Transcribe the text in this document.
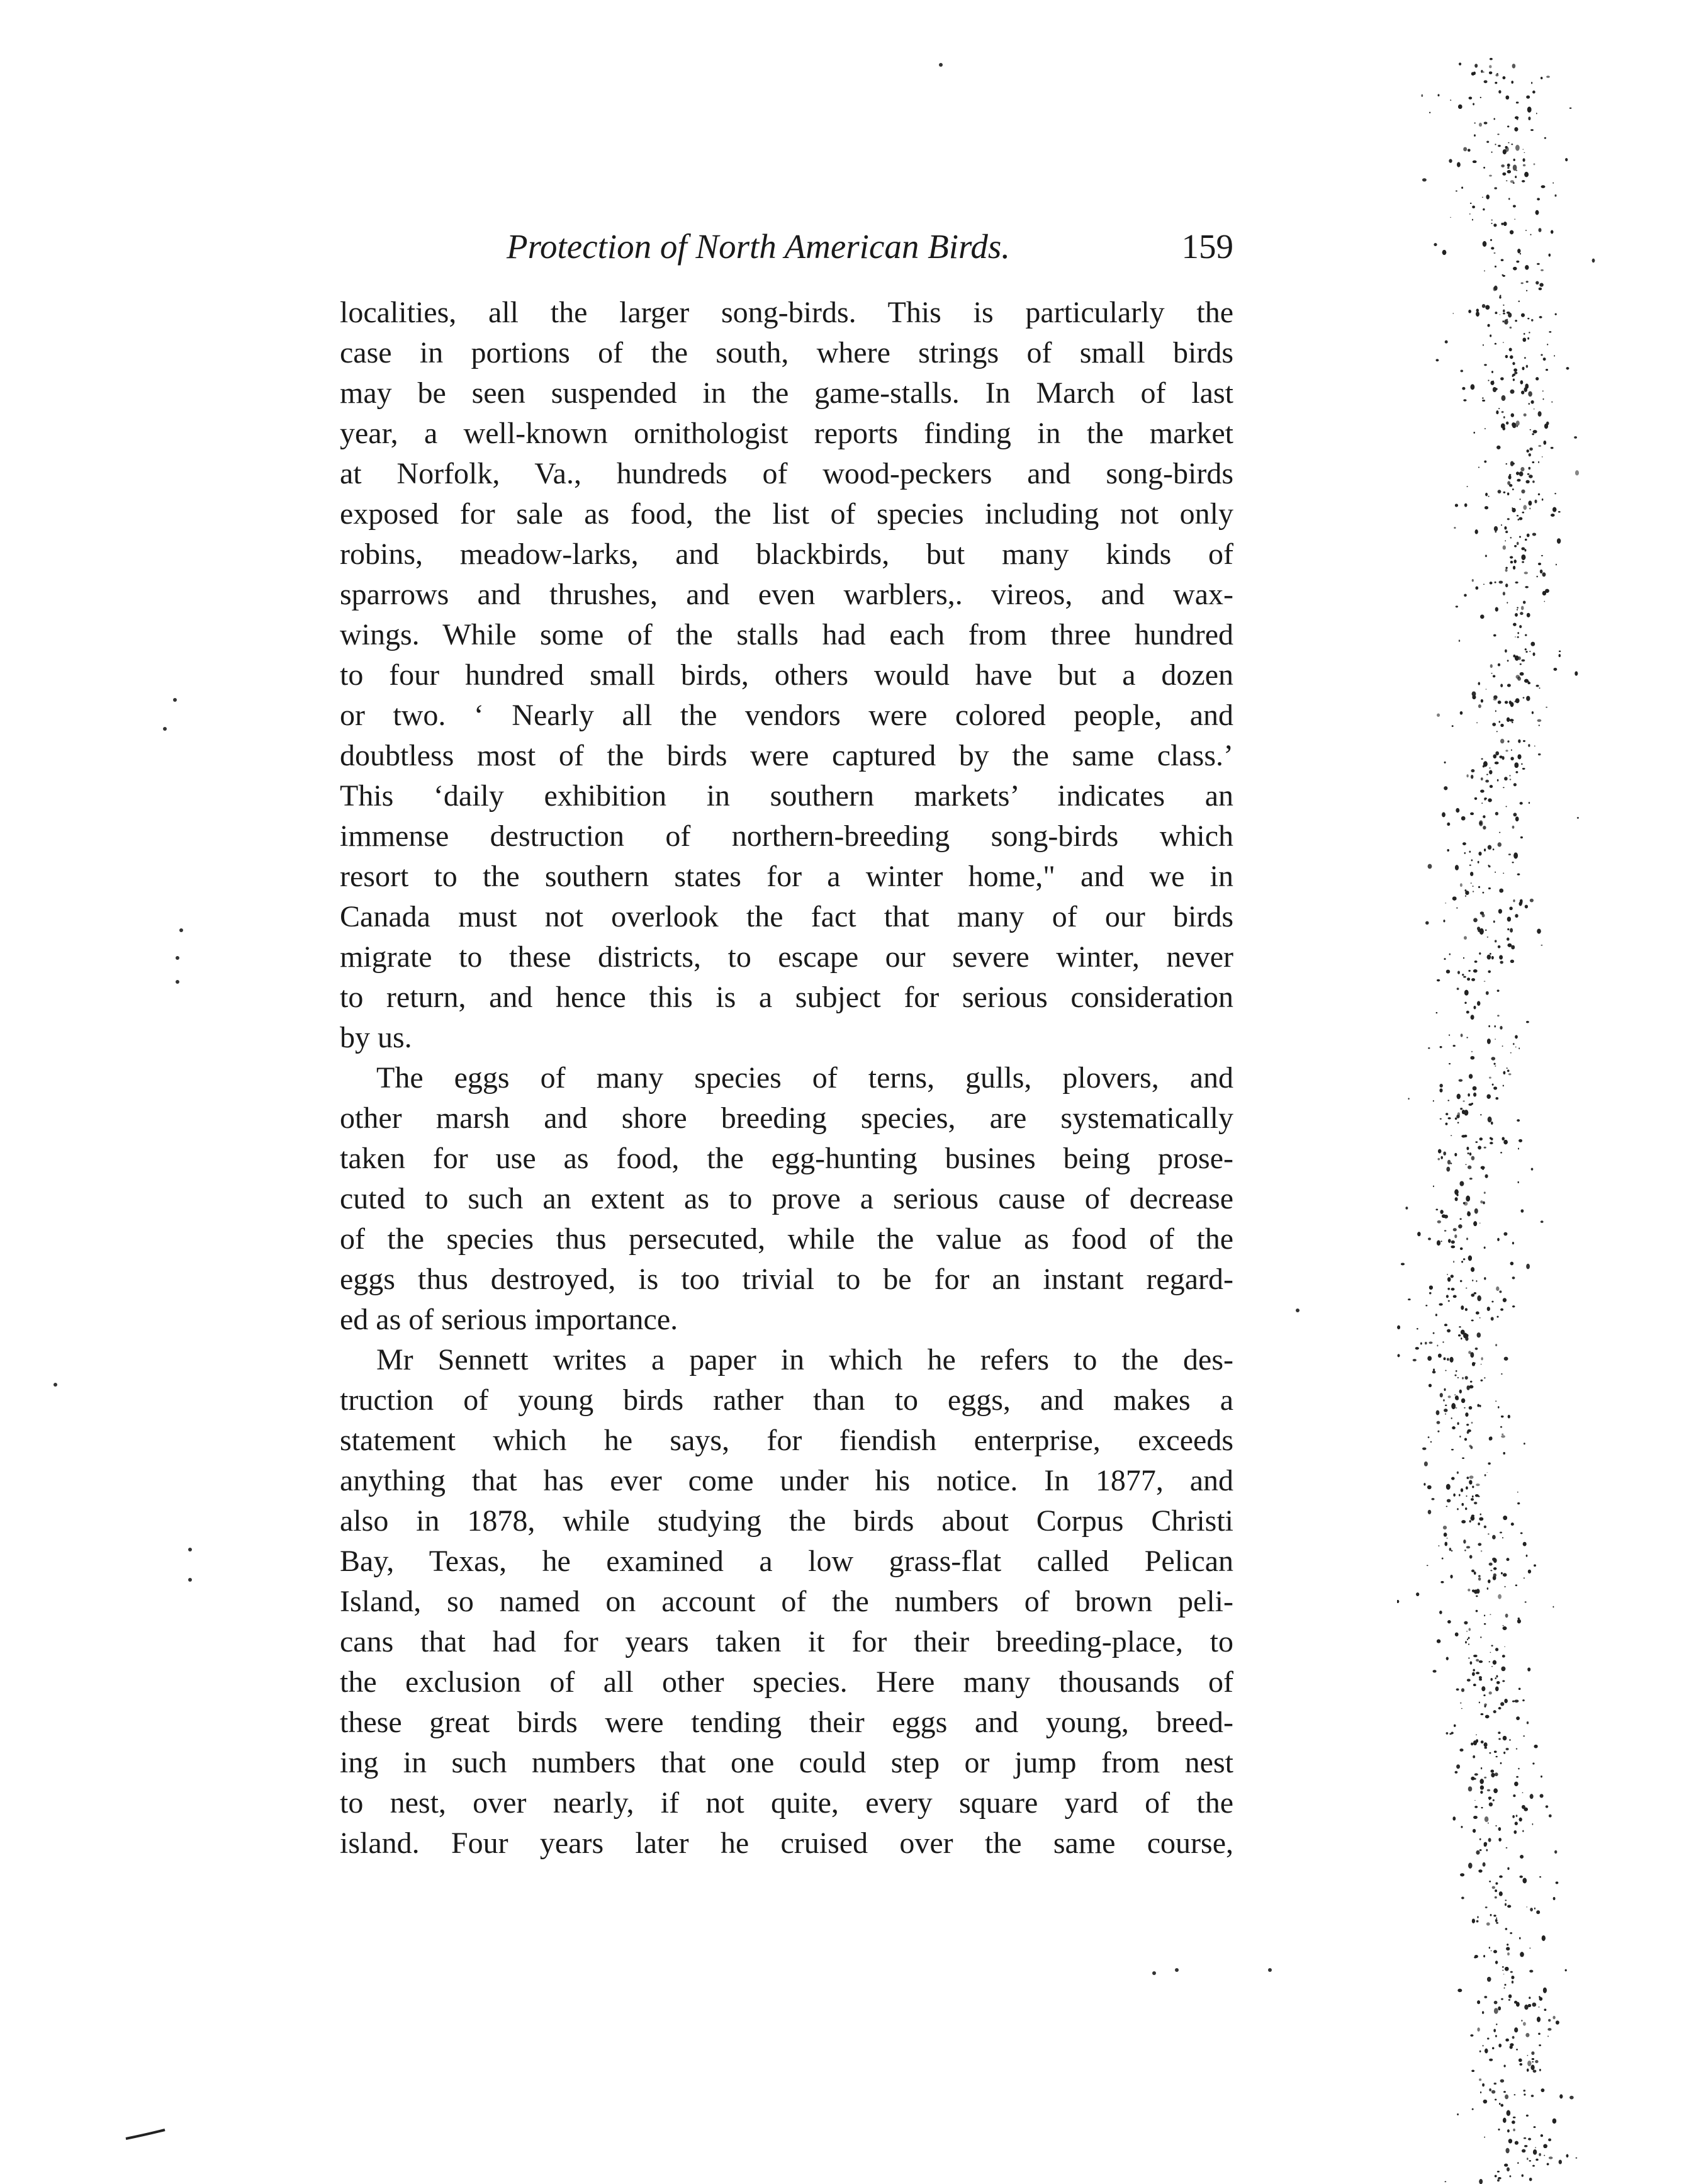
Protection of North American Birds.	159

localities, all the larger song-birds. This is particularly the
case in portions of the south, where strings of small birds
may be seen suspended in the game-stalls. In March of last
year, a well-known ornithologist reports finding in the market
at Norfolk, Va., hundreds of wood-peckers and song-birds
exposed for sale as food, the list of species including not only
robins, meadow-larks, and blackbirds, but many kinds of
sparrows and thrushes, and even warblers,. vireos, and wax-
wings. While some of the stalls had each from three hundred
to four hundred small birds, others would have but a dozen
or two. ‘ Nearly all the vendors were colored people, and
doubtless most of the birds were captured by the same class.’
This ‘daily exhibition in southern markets’ indicates an
immense destruction of northern-breeding song-birds which
resort to the southern states for a winter home," and we in
Canada must not overlook the fact that many of our birds
migrate to these districts, to escape our severe winter, never
to return, and hence this is a subject for serious consideration
by us.

The eggs of many species of terns, gulls, plovers, and
other marsh and shore breeding species, are systematically
taken for use as food, the egg-hunting busines being prose-
cuted to such an extent as to prove a serious cause of decrease
of the species thus persecuted, while the value as food of the
eggs thus destroyed, is too trivial to be for an instant regard-
ed as of serious importance.

Mr Sennett writes a paper in which he refers to the des-
truction of young birds rather than to eggs, and makes a
statement which he says, for fiendish enterprise, exceeds
anything that has ever come under his notice. In 1877, and
also in 1878, while studying the birds about Corpus Christi
Bay, Texas, he examined a low grass-flat called Pelican
Island, so named on account of the numbers of brown peli-
cans that had for years taken it for their breeding-place, to
the exclusion of all other species. Here many thousands of
these great birds were tending their eggs and young, breed-
ing in such numbers that one could step or jump from nest
to nest, over nearly, if not quite, every square yard of the
island. Four years later he cruised over the same course,
